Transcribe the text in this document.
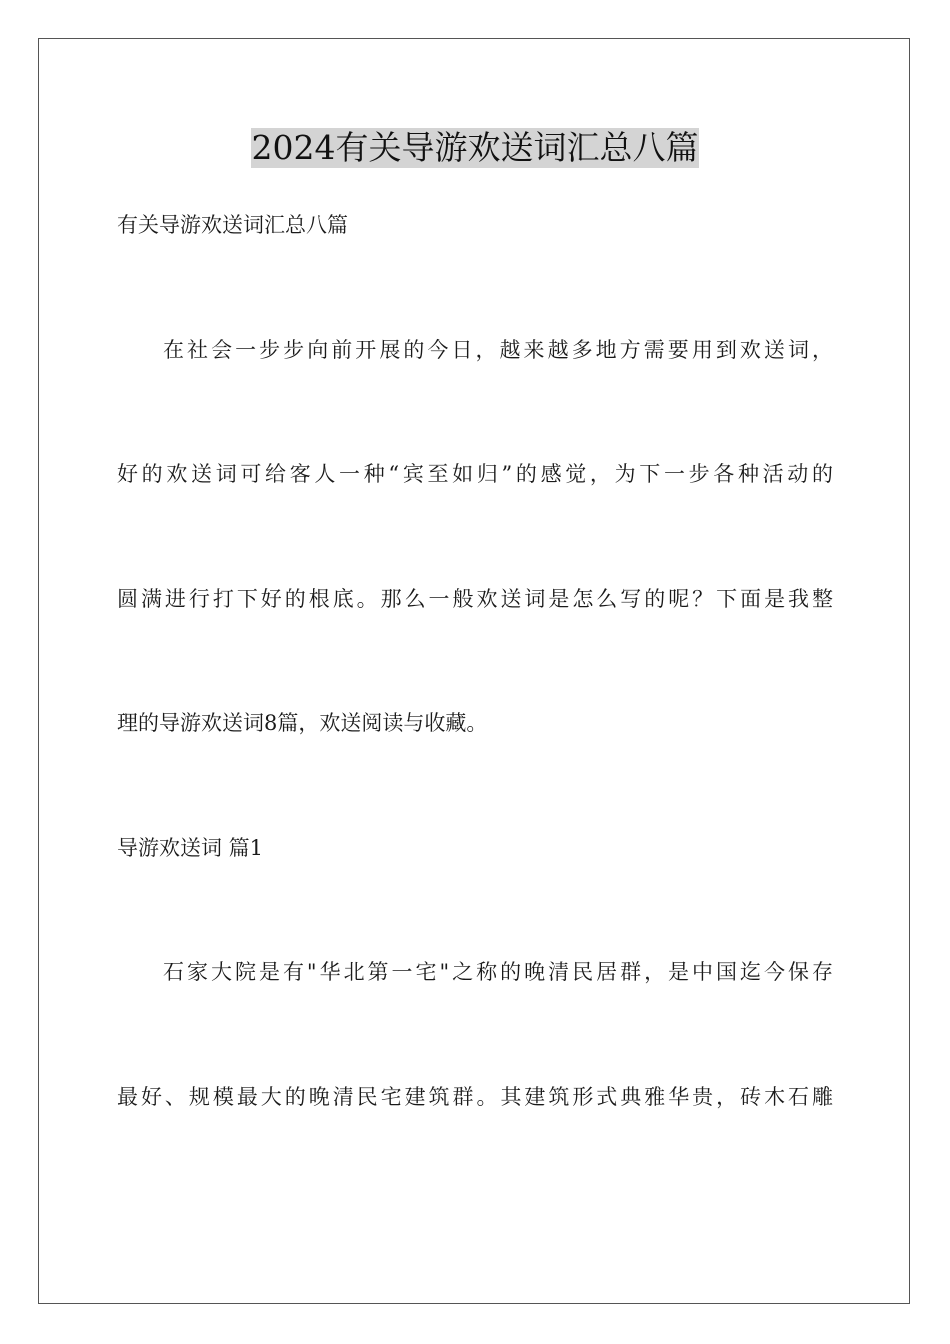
2024有关导游欢送词汇总八篇
有关导游欢送词汇总八篇
在社会一步步向前开展的今日，越来越多地方需要用到欢送词，
好的欢送词可给客人一种“宾至如归”的感觉，为下一步各种活动的
圆满进行打下好的根底。那么一般欢送词是怎么写的呢？下面是我整
理的导游欢送词8篇，欢送阅读与收藏。
导游欢送词 篇1
石家大院是有"华北第一宅"之称的晚清民居群，是中国迄今保存
最好、规模最大的晚清民宅建筑群。其建筑形式典雅华贵，砖木石雕
